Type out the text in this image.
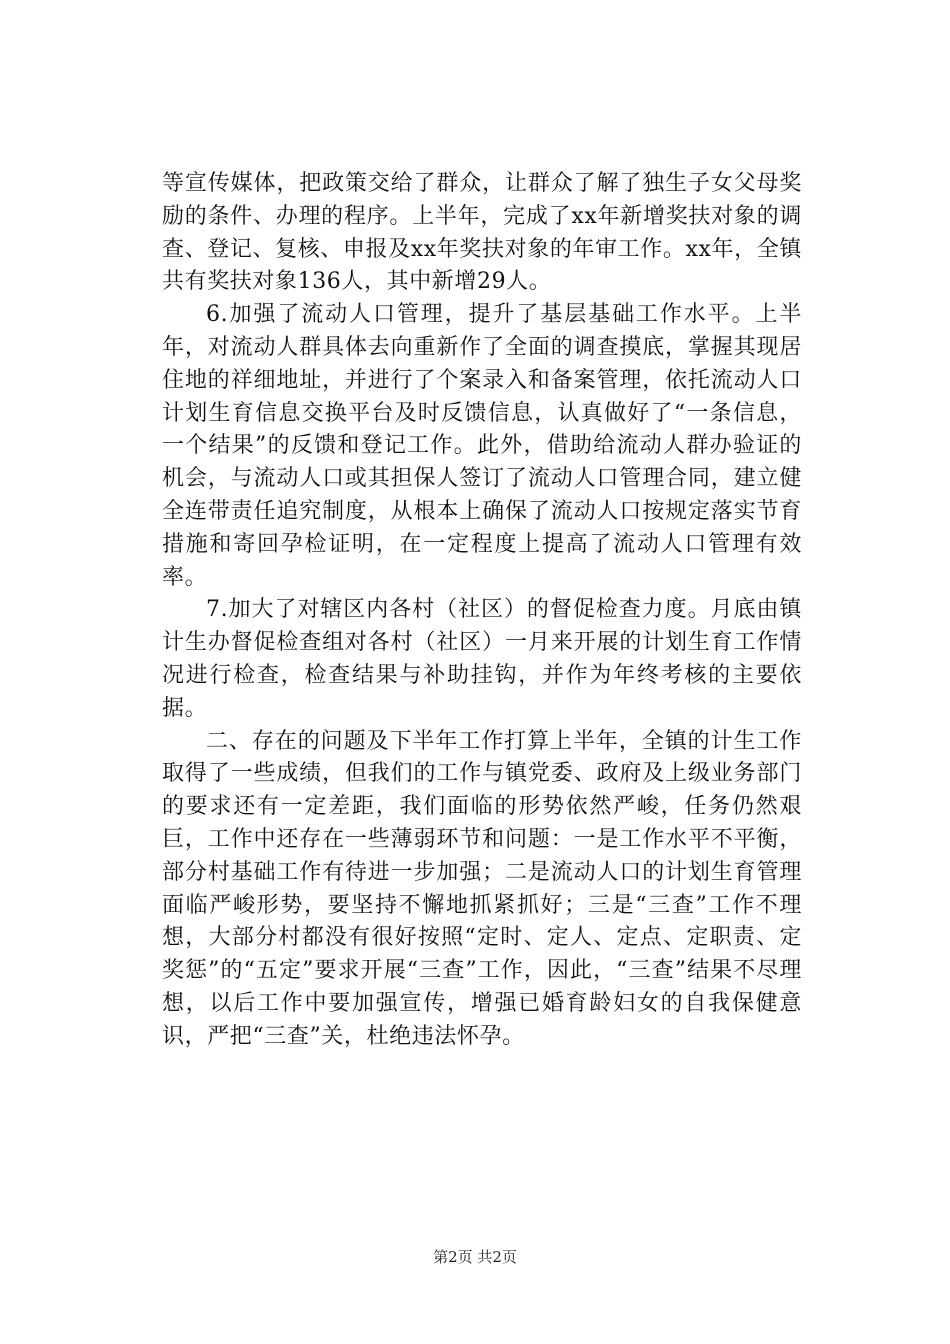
等宣传媒体，把政策交给了群众，让群众了解了独生子女父母奖励的条件、办理的程序。上半年，完成了xx年新增奖扶对象的调查、登记、复核、申报及xx年奖扶对象的年审工作。xx年，全镇共有奖扶对象136人，其中新增29人。

6.加强了流动人口管理，提升了基层基础工作水平。上半年，对流动人群具体去向重新作了全面的调查摸底，掌握其现居住地的祥细地址，并进行了个案录入和备案管理，依托流动人口计划生育信息交换平台及时反馈信息，认真做好了“一条信息，一个结果”的反馈和登记工作。此外，借助给流动人群办验证的机会，与流动人口或其担保人签订了流动人口管理合同，建立健全连带责任追究制度，从根本上确保了流动人口按规定落实节育措施和寄回孕检证明，在一定程度上提高了流动人口管理有效率。

7.加大了对辖区内各村（社区）的督促检查力度。月底由镇计生办督促检查组对各村（社区）一月来开展的计划生育工作情况进行检查，检查结果与补助挂钩，并作为年终考核的主要依据。

二、存在的问题及下半年工作打算上半年，全镇的计生工作取得了一些成绩，但我们的工作与镇党委、政府及上级业务部门的要求还有一定差距，我们面临的形势依然严峻，任务仍然艰巨，工作中还存在一些薄弱环节和问题：一是工作水平不平衡，部分村基础工作有待进一步加强；二是流动人口的计划生育管理面临严峻形势，要坚持不懈地抓紧抓好；三是“三查”工作不理想，大部分村都没有很好按照“定时、定人、定点、定职责、定奖惩”的“五定”要求开展“三查”工作，因此，“三查”结果不尽理想，以后工作中要加强宣传，增强已婚育龄妇女的自我保健意识，严把“三查”关，杜绝违法怀孕。

第2页 共2页
